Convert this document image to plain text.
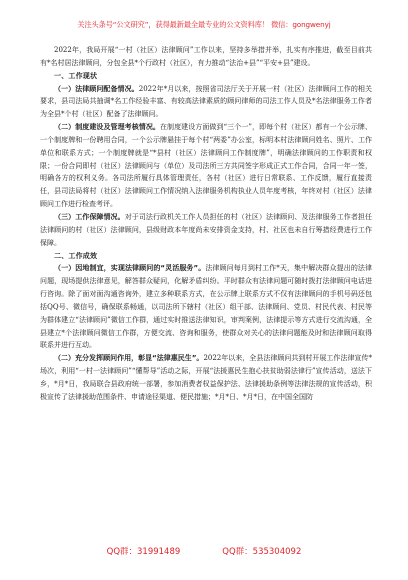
关注头条号“公文研究”，获得最新最全最专业的公文资料库！ 微信：gongwenyj

2022年，我局开展“一村（社区）法律顾问”工作以来，坚持多举措并举，扎实有序推进，截至目前共有*名村居法律顾问，分包全县*个行政村（社区），有力推动“法治+县”“平安+县”建设。

一、工作现状

（一）法律顾问配备情况。2022年*月以来，按照省司法厅关于开展一村（社区）法律顾问工作的相关要求，县司法局共抽调*名工作经验丰富、有较高法律素质的顾问律师的司法工作人员及*名法律服务工作者为全县*个村（社区）配备了法律顾问。

（二）制度建设及管理考核情况。在制度建设方面做到“三个一”，即每个村（社区）都有一个公示牌、一个制度牌和一份聘用合同，一个公示牌悬挂于每个村“两委”办公室，标明本村法律顾问姓名、照片、工作单位和联系方式；一个制度牌就是“*县村（社区）法律顾问工作制度牌”，明确法律顾问的工作职责和权限；一份合同即村（社区）法律顾问与（单位）及司法所三方共同签字形成正式工作合同，合同一年一签，明确各方的权利义务。各司法所履行具体管理责任，各村（社区）进行日常联系、工作反馈，履行直接责任，县司法局将村（社区）法律顾问工作情况纳入法律服务机构执业人员年度考核，年终对村（社区）法律顾问工作进行检查考评。

（三）工作保障情况。对于司法行政机关工作人员担任的村（社区）法律顾问、及法律服务工作者担任法律顾问的村（社区）法律顾问，县级财政本年度尚未安排资金支持，村、社区也未自行筹措经费进行工作保障。

二、工作成效

（一）因地制宜，实现法律顾问的“灵活服务”。法律顾问每月到村工作*天，集中解决群众提出的法律问题，现场提供法律意见，解答群众疑问，化解矛盾纠纷。平时群众有法律问题可随时拨打法律顾问电话进行咨询。除了面对面沟通咨询外，建立多种联系方式，在公示牌上联系方式不仅有法律顾问的手机号码还包括QQ号、微信号，确保联系畅通，以司法所下辖村（社区）组干部、法律顾问、党员、村民代表、村民等为群体建立“法律顾问”微信工作群，通过实时推送法律知识，审判案例，法律提示等方式进行交流沟通，全县建立*个法律顾问微信工作群，方便交流、咨询和服务，使群众对关心的法律问题能及时和法律顾问取得联系并进行互动。

（二）充分发挥顾问作用，彰显“法律惠民生”。2022年以来，全县法律顾问共到村开展工作法律宣传*场次，利用“一村一法律顾问”“懂帮导”活动之际，开展“法援惠民生抱心扶贫助弱法律行”宣传活动，送法下乡，*月*日，我局联合县政府统一部署，参加消费者权益保护法、法律援助条例等法律法规的宣传活动，积极宣传了法律援助范围条件、申请途径渠道、便民措施；*月*日、*月*日，在中国全国防

QQ群：31991489	QQ群：535304092
